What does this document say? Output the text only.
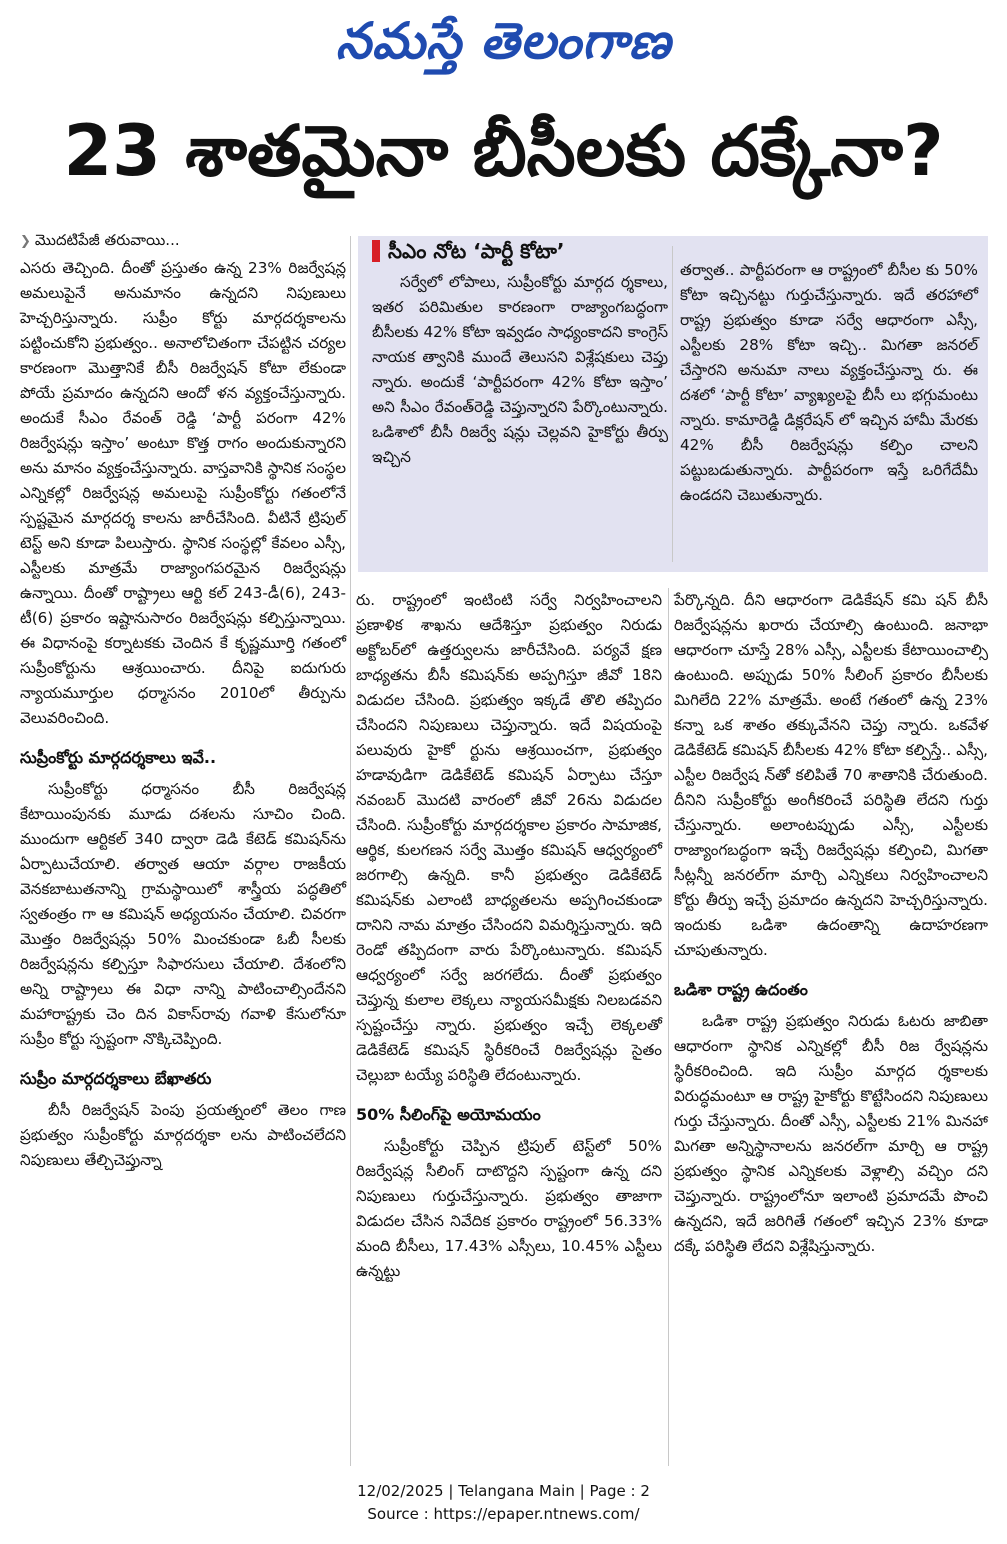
నమస్తే తెలంగాణ
23 శాతమైనా బీసీలకు దక్కేనా?
❯ మొదటిపేజీ తరువాయి...

ఎసరు తెచ్చింది. దీంతో ప్రస్తుతం ఉన్న 23% రిజర్వేషన్ల అమలుపైనే అనుమానం ఉన్నదని నిపుణులు హెచ్చరిస్తున్నారు. సుప్రీం కోర్టు మార్గదర్శకాలను పట్టించుకోని ప్రభుత్వం.. అనాలోచితంగా చేపట్టిన చర్యల కారణంగా మొత్తానికే బీసీ రిజర్వేషన్ కోటా లేకుండా పోయే ప్రమాదం ఉన్నదని ఆందో ళన వ్యక్తంచేస్తున్నారు. అందుకే సీఎం రేవంత్ రెడ్డి ‘పార్టీ పరంగా 42% రిజర్వేషన్లు ఇస్తాం’ అంటూ కొత్త రాగం అందుకున్నారని అను మానం వ్యక్తంచేస్తున్నారు. వాస్తవానికి స్థానిక సంస్థల ఎన్నికల్లో రిజర్వేషన్ల అమలుపై సుప్రీంకోర్టు గతంలోనే స్పష్టమైన మార్గదర్శ కాలను జారీచేసింది. వీటినే ట్రిపుల్ టెస్ట్ అని కూడా పిలుస్తారు. స్థానిక సంస్థల్లో కేవలం ఎస్సీ, ఎస్టీలకు మాత్రమే రాజ్యాంగపరమైన రిజర్వేషన్లు ఉన్నాయి. దీంతో రాష్ట్రాలు ఆర్టి కల్ 243-డీ(6), 243-టీ(6) ప్రకారం ఇష్టానుసారం రిజర్వేషన్లు కల్పిస్తున్నాయి. ఈ విధానంపై కర్నాటకకు చెందిన కే కృష్ణమూర్తి గతంలో సుప్రీంకోర్టును ఆశ్రయించారు. దీనిపై ఐదుగురు న్యాయమూర్తుల ధర్మాసనం 2010లో తీర్పును వెలువరించింది.

సుప్రీంకోర్టు మార్గదర్శకాలు ఇవే..

సుప్రీంకోర్టు ధర్మాసనం బీసీ రిజర్వేషన్ల కేటాయింపునకు మూడు దశలను సూచిం చింది. ముందుగా ఆర్టికల్ 340 ద్వారా డెడి కేటెడ్ కమిషన్‌ను ఏర్పాటుచేయాలి. తర్వాత ఆయా వర్గాల రాజకీయ వెనకబాటుతనాన్ని గ్రామస్థాయిలో శాస్త్రీయ పద్ధతిలో స్వతంత్రం గా ఆ కమిషన్ అధ్యయనం చేయాలి. చివరగా మొత్తం రిజర్వేషన్లు 50% మించకుండా ఓబీ సీలకు రిజర్వేషన్లను కల్పిస్తూ సిఫారసులు చేయాలి. దేశంలోని అన్ని రాష్ట్రాలు ఈ విధా నాన్ని పాటించాల్సిందేనని మహారాష్ట్రకు చెం దిన వికాస్‌రావు గవాళి కేసులోనూ సుప్రీం కోర్టు స్పష్టంగా నొక్కిచెప్పింది.

సుప్రీం మార్గదర్శకాలు బేఖాతరు

బీసీ రిజర్వేషన్ పెంపు ప్రయత్నంలో తెలం గాణ ప్రభుత్వం సుప్రీంకోర్టు మార్గదర్శకా లను పాటించలేదని నిపుణులు తేల్చిచెప్తున్నా

సీఎం నోట ‘పార్టీ కోటా’

సర్వేలో లోపాలు, సుప్రీంకోర్టు మార్గద ర్శకాలు, ఇతర పరిమితుల కారణంగా రాజ్యాంగబద్ధంగా బీసీలకు 42% కోటా ఇవ్వడం సాధ్యంకాదని కాంగ్రెస్ నాయక త్వానికి ముందే తెలుసని విశ్లేషకులు చెప్తు న్నారు. అందుకే ‘పార్టీపరంగా 42% కోటా ఇస్తాం’ అని సీఎం రేవంత్‌రెడ్డి చెప్తున్నారని పేర్కొంటున్నారు. ఒడిశాలో బీసీ రిజర్వే షన్లు చెల్లవని హైకోర్టు తీర్పు ఇచ్చిన

తర్వాత.. పార్టీపరంగా ఆ రాష్ట్రంలో బీసీల కు 50% కోటా ఇచ్చినట్టు గుర్తుచేస్తున్నారు. ఇదే తరహాలో రాష్ట్ర ప్రభుత్వం కూడా సర్వే ఆధారంగా ఎస్సీ, ఎస్టీలకు 28% కోటా ఇచ్చి.. మిగతా జనరల్ చేస్తారని అనుమా నాలు వ్యక్తంచేస్తున్నా రు. ఈ దశలో ‘పార్టీ కోటా’ వ్యాఖ్యలపై బీసీ లు భగ్గుమంటు న్నారు. కామారెడ్డి డిక్లరేషన్ లో ఇచ్చిన హామీ మేరకు 42% బీసీ రిజర్వేషన్లు కల్పిం చాలని పట్టుబడుతున్నారు. పార్టీపరంగా ఇస్తే ఒరిగేదేమీ ఉండదని చెబుతున్నారు.

రు. రాష్ట్రంలో ఇంటింటి సర్వే నిర్వహించాలని ప్రణాళిక శాఖను ఆదేశిస్తూ ప్రభుత్వం నిరుడు అక్టోబర్‌లో ఉత్తర్వులను జారీచేసింది. పర్యవే క్షణ బాధ్యతను బీసీ కమిషన్‌కు అప్పగిస్తూ జీవో 18ని విడుదల చేసింది. ప్రభుత్వం ఇక్కడే తొలి తప్పిదం చేసిందని నిపుణులు చెప్తున్నారు. ఇదే విషయంపై పలువురు హైకో ర్టును ఆశ్రయించగా, ప్రభుత్వం హడావుడిగా డెడికేటెడ్ కమిషన్ ఏర్పాటు చేస్తూ నవంబర్ మొదటి వారంలో జీవో 26ను విడుదల చేసింది. సుప్రీంకోర్టు మార్గదర్శకాల ప్రకారం సామాజిక, ఆర్థిక, కులగణన సర్వే మొత్తం కమిషన్ ఆధ్వర్యంలో జరగాల్సి ఉన్నది. కానీ ప్రభుత్వం డెడికేటెడ్ కమిషన్‌కు ఎలాంటి బాధ్యతలను అప్పగించకుండా దానిని నామ మాత్రం చేసిందని విమర్శిస్తున్నారు. ఇది రెండో తప్పిదంగా వారు పేర్కొంటున్నారు. కమిషన్ ఆధ్వర్యంలో సర్వే జరగలేదు. దీంతో ప్రభుత్వం చెప్తున్న కులాల లెక్కలు న్యాయసమీక్షకు నిలబడవని స్పష్టంచేస్తు న్నారు. ప్రభుత్వం ఇచ్చే లెక్కలతో డెడికేటెడ్ కమిషన్ స్థిరీకరించే రిజర్వేషన్లు సైతం చెల్లుబా టయ్యే పరిస్థితి లేదంటున్నారు.

50% సీలింగ్‌పై అయోమయం

సుప్రీంకోర్టు చెప్పిన ట్రిపుల్ టెస్ట్‌లో 50% రిజర్వేషన్ల సీలింగ్ దాటొద్దని స్పష్టంగా ఉన్న దని నిపుణులు గుర్తుచేస్తున్నారు. ప్రభుత్వం తాజాగా విడుదల చేసిన నివేదిక ప్రకారం రాష్ట్రంలో 56.33% మంది బీసీలు, 17.43% ఎస్సీలు, 10.45% ఎస్టీలు ఉన్నట్టు

పేర్కొన్నది. దీని ఆధారంగా డెడికేషన్ కమి షన్ బీసీ రిజర్వేషన్లను ఖరారు చేయాల్సి ఉంటుంది. జనాభా ఆధారంగా చూస్తే 28% ఎస్సీ, ఎస్టీలకు కేటాయించాల్సి ఉంటుంది. అప్పుడు 50% సీలింగ్ ప్రకారం బీసీలకు మిగిలేది 22% మాత్రమే. అంటే గతంలో ఉన్న 23% కన్నా ఒక శాతం తక్కువేనని చెప్తు న్నారు. ఒకవేళ డెడికేటెడ్ కమిషన్ బీసీలకు 42% కోటా కల్పిస్తే.. ఎస్సీ, ఎస్టీల రిజర్వేష న్‌తో కలిపితే 70 శాతానికి చేరుతుంది. దీనిని సుప్రీంకోర్టు అంగీకరించే పరిస్థితి లేదని గుర్తు చేస్తున్నారు. అలాంటప్పుడు ఎస్సీ, ఎస్టీలకు రాజ్యాంగబద్ధంగా ఇచ్చే రిజర్వేషన్లు కల్పించి, మిగతా సీట్లన్నీ జనరల్‌గా మార్చి ఎన్నికలు నిర్వహించాలని కోర్టు తీర్పు ఇచ్చే ప్రమాదం ఉన్నదని హెచ్చరిస్తున్నారు. ఇందుకు ఒడిశా ఉదంతాన్ని ఉదాహరణగా చూపుతున్నారు.

ఒడిశా రాష్ట్ర ఉదంతం

ఒడిశా రాష్ట్ర ప్రభుత్వం నిరుడు ఓటరు జాబితా ఆధారంగా స్థానిక ఎన్నికల్లో బీసీ రిజ ర్వేషన్లను స్థిరీకరించింది. ఇది సుప్రీం మార్గద ర్శకాలకు విరుద్ధమంటూ ఆ రాష్ట్ర హైకోర్టు కొట్టేసిందని నిపుణులు గుర్తు చేస్తున్నారు. దీంతో ఎస్సీ, ఎస్టీలకు 21% మినహా మిగతా అన్నిస్థానాలను జనరల్‌గా మార్చి ఆ రాష్ట్ర ప్రభుత్వం స్థానిక ఎన్నికలకు వెళ్లాల్సి వచ్చిం దని చెప్తున్నారు. రాష్ట్రంలోనూ ఇలాంటి ప్రమాదమే పొంచి ఉన్నదని, ఇదే జరిగితే గతంలో ఇచ్చిన 23% కూడా దక్కే పరిస్థితి లేదని విశ్లేషిస్తున్నారు.

12/02/2025 | Telangana Main | Page : 2
Source : https://epaper.ntnews.com/
